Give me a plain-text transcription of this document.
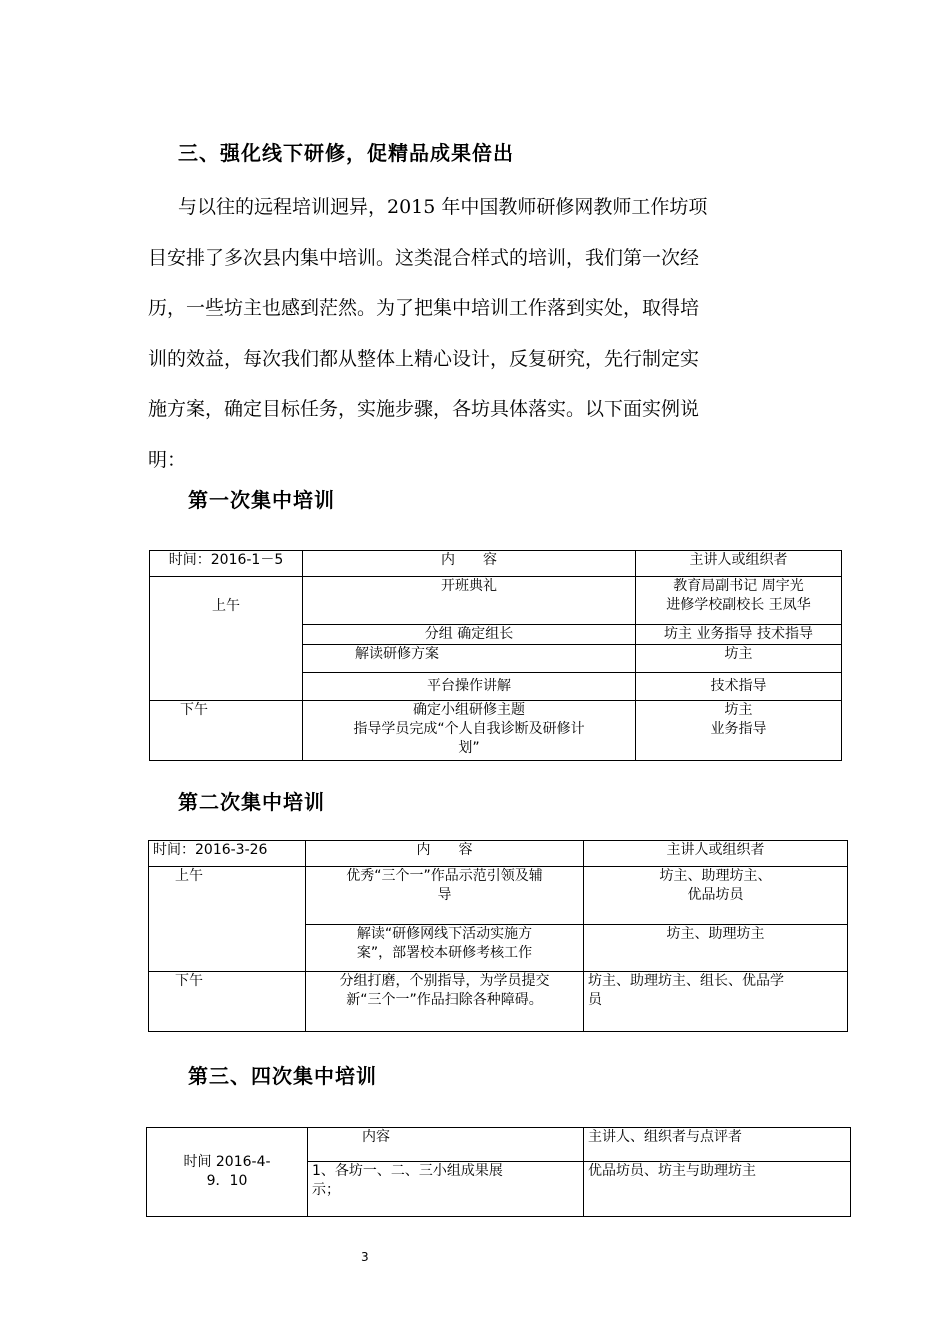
三、强化线下研修，促精品成果倍出
与以往的远程培训迥异，2015 年中国教师研修网教师工作坊项
目安排了多次县内集中培训。这类混合样式的培训，我们第一次经
历，一些坊主也感到茫然。为了把集中培训工作落到实处，取得培
训的效益，每次我们都从整体上精心设计，反复研究，先行制定实
施方案，确定目标任务，实施步骤，各坊具体落实。以下面实例说
明：
第一次集中培训
时间：2016-1－5	内　　容	主讲人或组织者
上午	开班典礼	教育局副书记 周宇光
进修学校副校长 王凤华

	分组 确定组长	坊主 业务指导 技术指导
	解读研修方案	坊主
	平台操作讲解	技术指导
下午	确定小组研修主题
指导学员完成“个人自我诊断及研修计
划”	坊主
业务指导
第二次集中培训
时间：2016-3-26	内　　容	主讲人或组织者
上午	优秀“三个一”作品示范引领及辅
导	坊主、助理坊主、
优品坊员

	解读“研修网线下活动实施方
案”，部署校本研修考核工作	坊主、助理坊主

下午	分组打磨，个别指导，为学员提交
新“三个一”作品扫除各种障碍。	坊主、助理坊主、组长、优品学
员
第三、四次集中培训
时间 2016-4-
9．10	内容	主讲人、组织者与点评者

	1、各坊一、二、三小组成果展
示；	优品坊员、坊主与助理坊主
3
